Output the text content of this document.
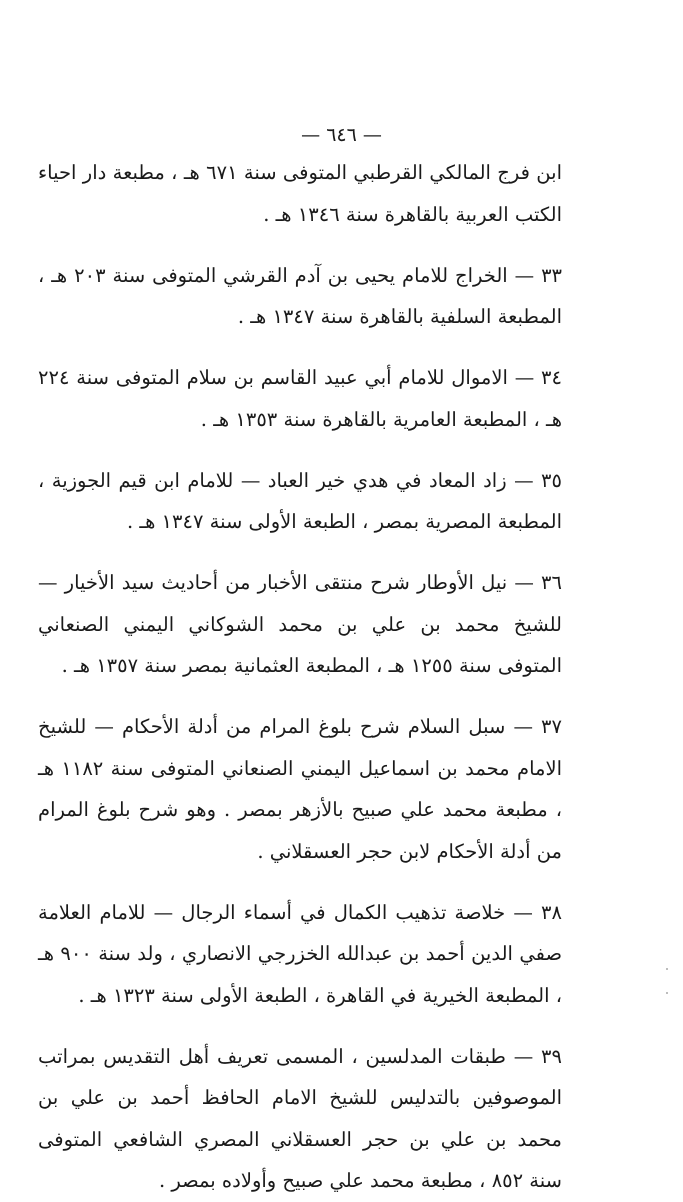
— ٦٤٦ —

ابن فرج المالكي القرطبي المتوفى سنة ٦٧١ هـ ، مطبعة دار احياء الكتب العربية بالقاهرة سنة ١٣٤٦ هـ .

٣٣ — الخراج للامام يحيى بن آدم القرشي المتوفى سنة ٢٠٣ هـ ، المطبعة السلفية بالقاهرة سنة ١٣٤٧ هـ .

٣٤ — الاموال للامام أبي عبيد القاسم بن سلام المتوفى سنة ٢٢٤ هـ ، المطبعة العامرية بالقاهرة سنة ١٣٥٣ هـ .

٣٥ — زاد المعاد في هدي خير العباد — للامام ابن قيم الجوزية ، المطبعة المصرية بمصر ، الطبعة الأولى سنة ١٣٤٧ هـ .

٣٦ — نيل الأوطار شرح منتقى الأخبار من أحاديث سيد الأخيار — للشيخ محمد بن علي بن محمد الشوكاني اليمني الصنعاني المتوفى سنة ١٢٥٥ هـ ، المطبعة العثمانية بمصر سنة ١٣٥٧ هـ .

٣٧ — سبل السلام شرح بلوغ المرام من أدلة الأحكام — للشيخ الامام محمد بن اسماعيل اليمني الصنعاني المتوفى سنة ١١٨٢ هـ ، مطبعة محمد علي صبيح بالأزهر بمصر . وهو شرح بلوغ المرام من أدلة الأحكام لابن حجر العسقلاني .

٣٨ — خلاصة تذهيب الكمال في أسماء الرجال — للامام العلامة صفي الدين أحمد بن عبدالله الخزرجي الانصاري ، ولد سنة ٩٠٠ هـ ، المطبعة الخيرية في القاهرة ، الطبعة الأولى سنة ١٣٢٣ هـ .

٣٩ — طبقات المدلسين ، المسمى تعريف أهل التقديس بمراتب الموصوفين بالتدليس للشيخ الامام الحافظ أحمد بن علي بن محمد بن علي بن حجر العسقلاني المصري الشافعي المتوفى سنة ٨٥٢ ، مطبعة محمد علي صبيح وأولاده بمصر .
